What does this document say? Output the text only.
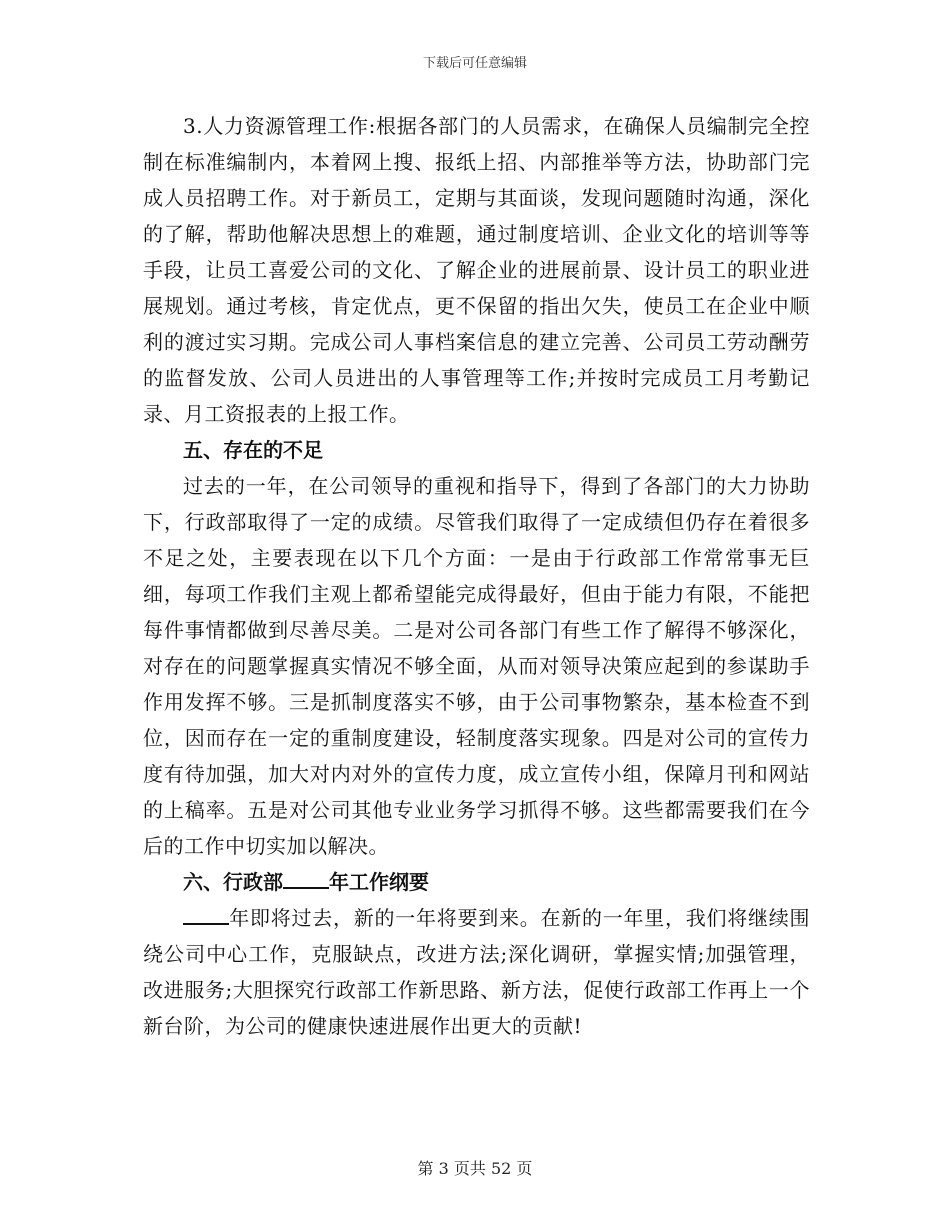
下载后可任意编辑

3.人力资源管理工作:根据各部门的人员需求，在确保人员编制完全控制在标准编制内，本着网上搜、报纸上招、内部推举等方法，协助部门完成人员招聘工作。对于新员工，定期与其面谈，发现问题随时沟通，深化的了解，帮助他解决思想上的难题，通过制度培训、企业文化的培训等等手段，让员工喜爱公司的文化、了解企业的进展前景、设计员工的职业进展规划。通过考核，肯定优点，更不保留的指出欠失，使员工在企业中顺利的渡过实习期。完成公司人事档案信息的建立完善、公司员工劳动酬劳的监督发放、公司人员进出的人事管理等工作;并按时完成员工月考勤记录、月工资报表的上报工作。

五、存在的不足

过去的一年，在公司领导的重视和指导下，得到了各部门的大力协助下，行政部取得了一定的成绩。尽管我们取得了一定成绩但仍存在着很多不足之处，主要表现在以下几个方面：一是由于行政部工作常常事无巨细，每项工作我们主观上都希望能完成得最好，但由于能力有限，不能把每件事情都做到尽善尽美。二是对公司各部门有些工作了解得不够深化，对存在的问题掌握真实情况不够全面，从而对领导决策应起到的参谋助手作用发挥不够。三是抓制度落实不够，由于公司事物繁杂，基本检查不到位，因而存在一定的重制度建设，轻制度落实现象。四是对公司的宣传力度有待加强，加大对内对外的宣传力度，成立宣传小组，保障月刊和网站的上稿率。五是对公司其他专业业务学习抓得不够。这些都需要我们在今后的工作中切实加以解决。

六、行政部 年工作纲要

年即将过去，新的一年将要到来。在新的一年里，我们将继续围绕公司中心工作，克服缺点，改进方法;深化调研，掌握实情;加强管理，改进服务;大胆探究行政部工作新思路、新方法，促使行政部工作再上一个新台阶，为公司的健康快速进展作出更大的贡献!

第 3 页共 52 页
